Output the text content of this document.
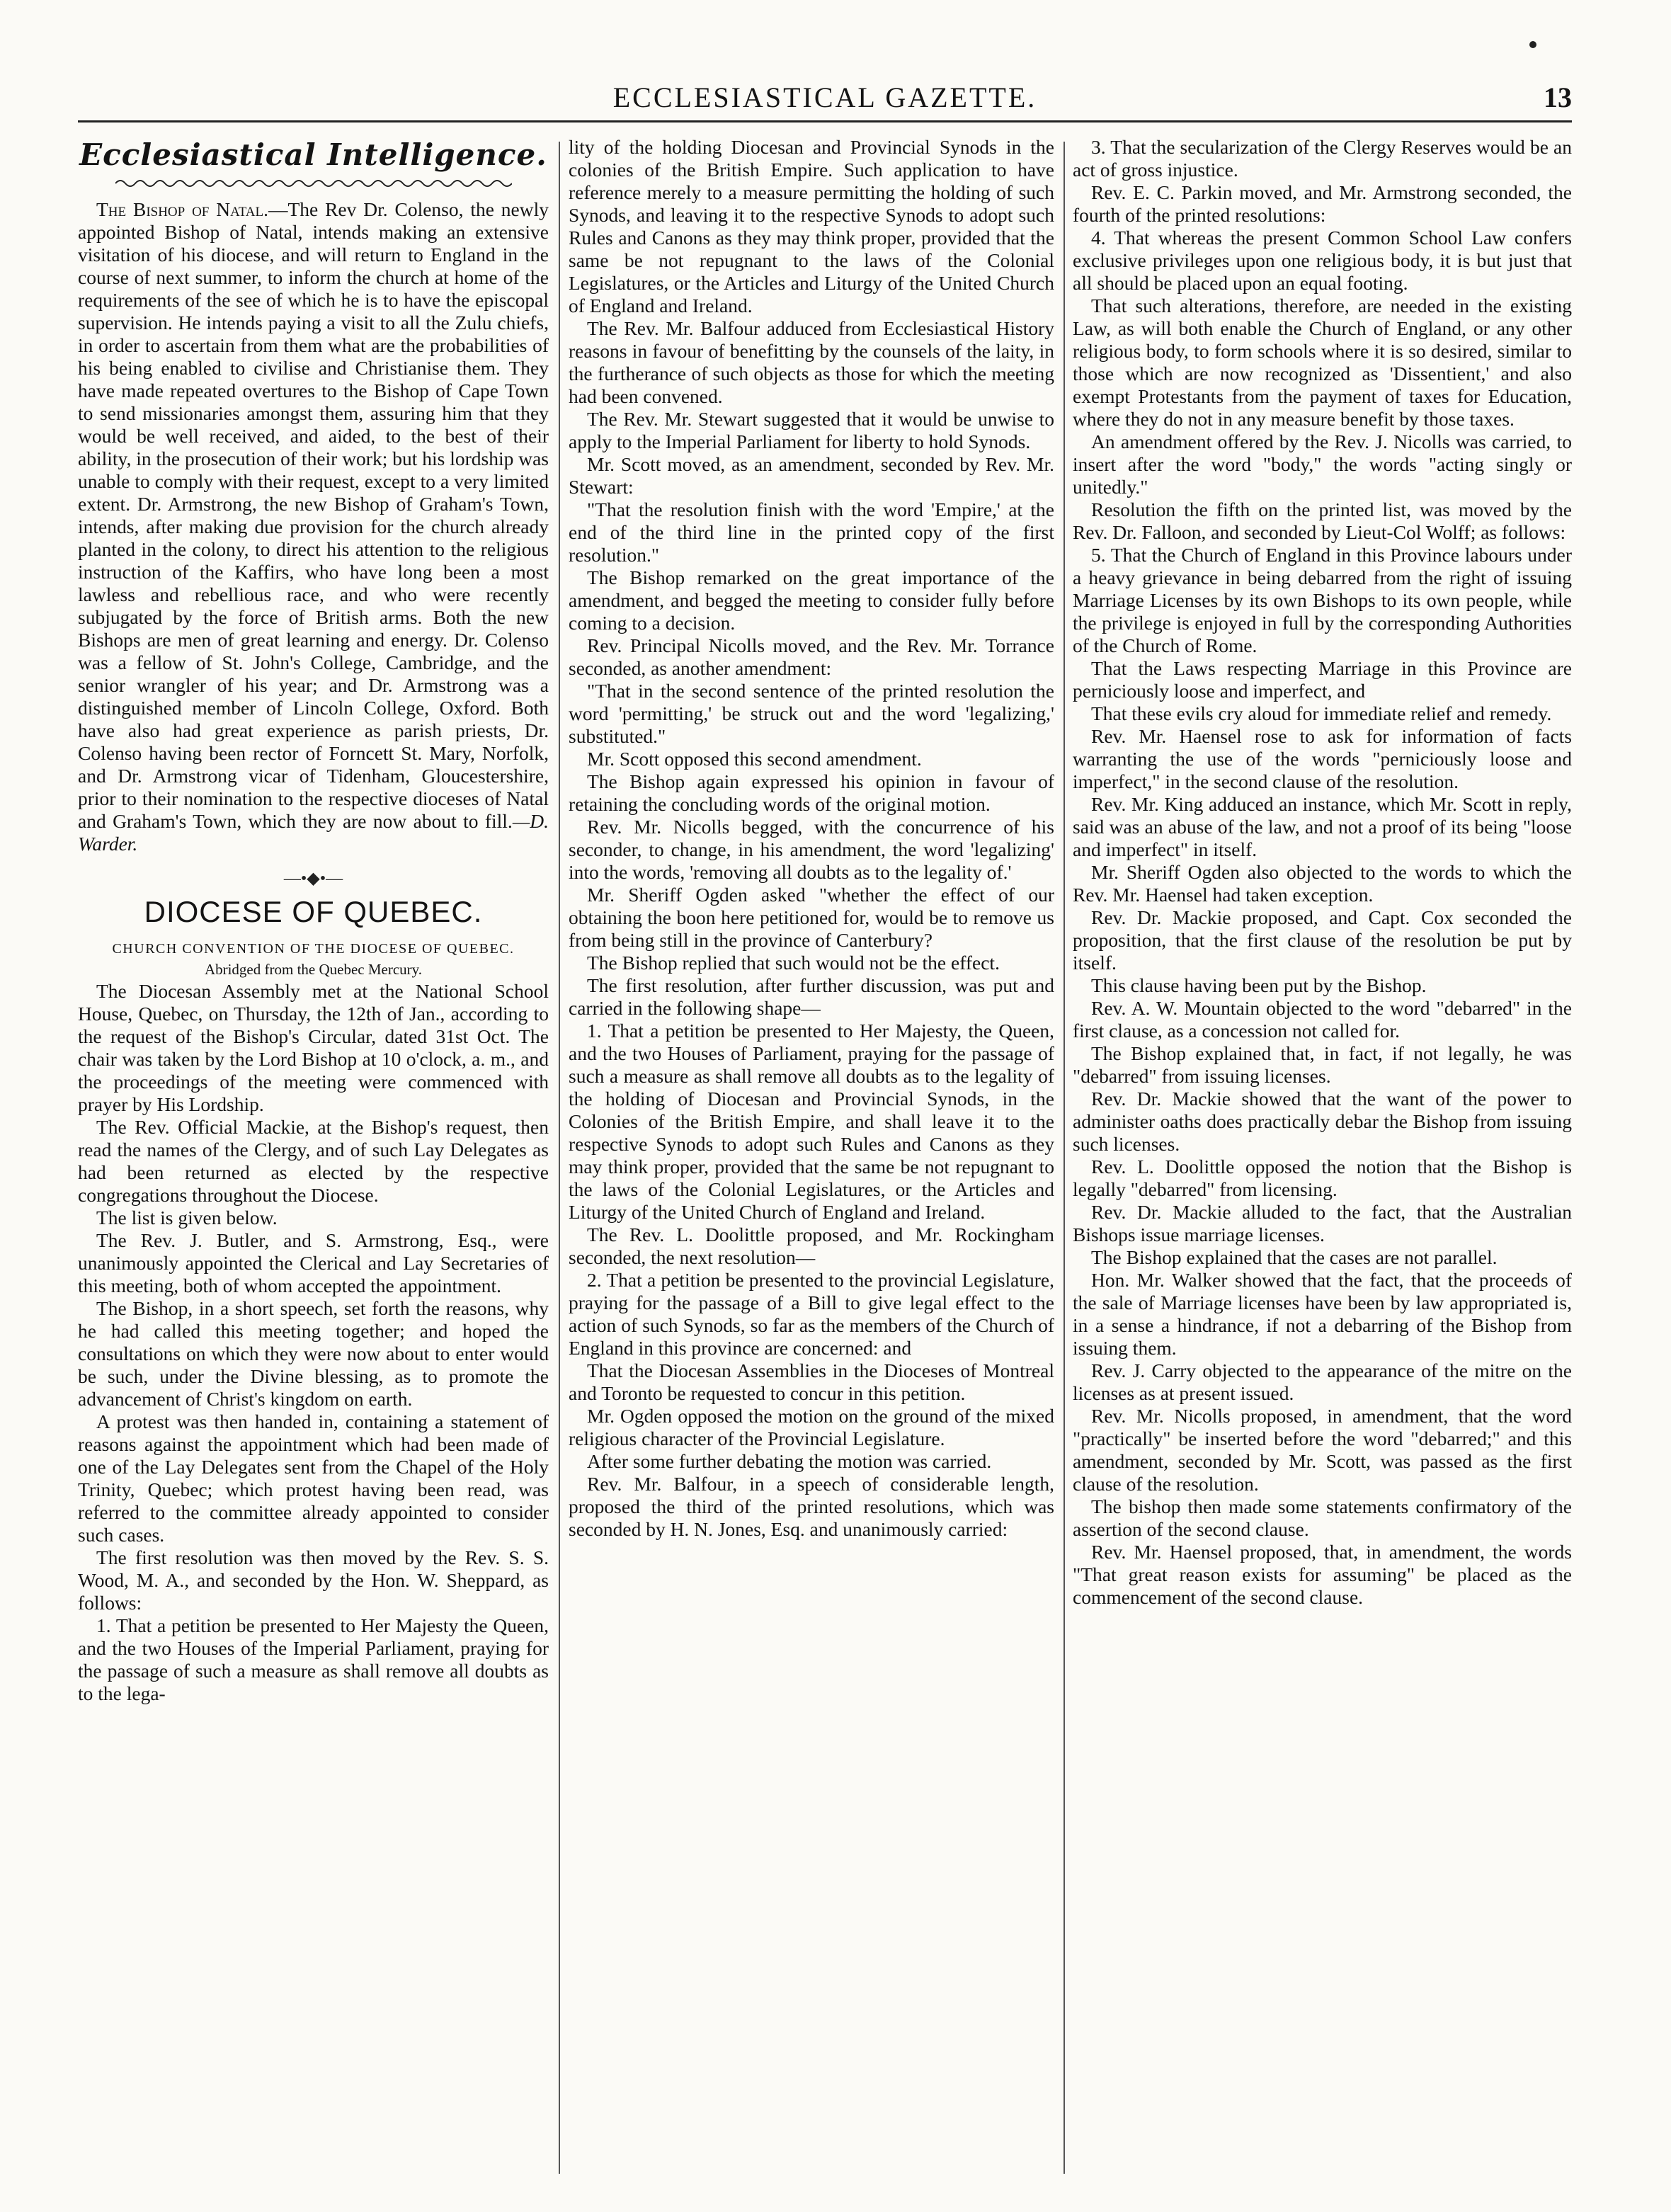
ECCLESIASTICAL GAZETTE.	13
Ecclesiastical Intelligence.

The Bishop of Natal.—The Rev Dr. Colenso, the newly appointed Bishop of Natal, intends making an extensive visitation of his diocese, and will return to England in the course of next summer, to inform the church at home of the requirements of the see of which he is to have the episcopal supervision. He intends paying a visit to all the Zulu chiefs, in order to ascertain from them what are the probabilities of his being enabled to civilise and Christianise them. They have made repeated overtures to the Bishop of Cape Town to send missionaries amongst them, assuring him that they would be well received, and aided, to the best of their ability, in the prosecution of their work; but his lordship was unable to comply with their request, except to a very limited extent. Dr. Armstrong, the new Bishop of Graham's Town, intends, after making due provision for the church already planted in the colony, to direct his attention to the religious instruction of the Kaffirs, who have long been a most lawless and rebellious race, and who were recently subjugated by the force of British arms. Both the new Bishops are men of great learning and energy. Dr. Colenso was a fellow of St. John's College, Cambridge, and the senior wrangler of his year; and Dr. Armstrong was a distinguished member of Lincoln College, Oxford. Both have also had great experience as parish priests, Dr. Colenso having been rector of Forncett St. Mary, Norfolk, and Dr. Armstrong vicar of Tidenham, Gloucestershire, prior to their nomination to the respective dioceses of Natal and Graham's Town, which they are now about to fill.—D. Warder.

—•◆•—
DIOCESE OF QUEBEC.

CHURCH CONVENTION OF THE DIOCESE OF QUEBEC.

Abridged from the Quebec Mercury.

The Diocesan Assembly met at the National School House, Quebec, on Thursday, the 12th of Jan., according to the request of the Bishop's Circular, dated 31st Oct. The chair was taken by the Lord Bishop at 10 o'clock, a. m., and the proceedings of the meeting were commenced with prayer by His Lordship.

The Rev. Official Mackie, at the Bishop's request, then read the names of the Clergy, and of such Lay Delegates as had been returned as elected by the respective congregations throughout the Diocese.

The list is given below.

The Rev. J. Butler, and S. Armstrong, Esq., were unanimously appointed the Clerical and Lay Secretaries of this meeting, both of whom accepted the appointment.

The Bishop, in a short speech, set forth the reasons, why he had called this meeting together; and hoped the consultations on which they were now about to enter would be such, under the Divine blessing, as to promote the advancement of Christ's kingdom on earth.

A protest was then handed in, containing a statement of reasons against the appointment which had been made of one of the Lay Delegates sent from the Chapel of the Holy Trinity, Quebec; which protest having been read, was referred to the committee already appointed to consider such cases.

The first resolution was then moved by the Rev. S. S. Wood, M. A., and seconded by the Hon. W. Sheppard, as follows:

1. That a petition be presented to Her Majesty the Queen, and the two Houses of the Imperial Parliament, praying for the passage of such a measure as shall remove all doubts as to the lega-

lity of the holding Diocesan and Provincial Synods in the colonies of the British Empire. Such application to have reference merely to a measure permitting the holding of such Synods, and leaving it to the respective Synods to adopt such Rules and Canons as they may think proper, provided that the same be not repugnant to the laws of the Colonial Legislatures, or the Articles and Liturgy of the United Church of England and Ireland.

The Rev. Mr. Balfour adduced from Ecclesiastical History reasons in favour of benefitting by the counsels of the laity, in the furtherance of such objects as those for which the meeting had been convened.

The Rev. Mr. Stewart suggested that it would be unwise to apply to the Imperial Parliament for liberty to hold Synods.

Mr. Scott moved, as an amendment, seconded by Rev. Mr. Stewart:

"That the resolution finish with the word 'Empire,' at the end of the third line in the printed copy of the first resolution."

The Bishop remarked on the great importance of the amendment, and begged the meeting to consider fully before coming to a decision.

Rev. Principal Nicolls moved, and the Rev. Mr. Torrance seconded, as another amendment:

"That in the second sentence of the printed resolution the word 'permitting,' be struck out and the word 'legalizing,' substituted."

Mr. Scott opposed this second amendment.

The Bishop again expressed his opinion in favour of retaining the concluding words of the original motion.

Rev. Mr. Nicolls begged, with the concurrence of his seconder, to change, in his amendment, the word 'legalizing' into the words, 'removing all doubts as to the legality of.'

Mr. Sheriff Ogden asked "whether the effect of our obtaining the boon here petitioned for, would be to remove us from being still in the province of Canterbury?

The Bishop replied that such would not be the effect.

The first resolution, after further discussion, was put and carried in the following shape—

1. That a petition be presented to Her Majesty, the Queen, and the two Houses of Parliament, praying for the passage of such a measure as shall remove all doubts as to the legality of the holding of Diocesan and Provincial Synods, in the Colonies of the British Empire, and shall leave it to the respective Synods to adopt such Rules and Canons as they may think proper, provided that the same be not repugnant to the laws of the Colonial Legislatures, or the Articles and Liturgy of the United Church of England and Ireland.

The Rev. L. Doolittle proposed, and Mr. Rockingham seconded, the next resolution—

2. That a petition be presented to the provincial Legislature, praying for the passage of a Bill to give legal effect to the action of such Synods, so far as the members of the Church of England in this province are concerned: and

That the Diocesan Assemblies in the Dioceses of Montreal and Toronto be requested to concur in this petition.

Mr. Ogden opposed the motion on the ground of the mixed religious character of the Provincial Legislature.

After some further debating the motion was carried.

Rev. Mr. Balfour, in a speech of considerable length, proposed the third of the printed resolutions, which was seconded by H. N. Jones, Esq. and unanimously carried:

3. That the secularization of the Clergy Reserves would be an act of gross injustice.

Rev. E. C. Parkin moved, and Mr. Armstrong seconded, the fourth of the printed resolutions:

4. That whereas the present Common School Law confers exclusive privileges upon one religious body, it is but just that all should be placed upon an equal footing.

That such alterations, therefore, are needed in the existing Law, as will both enable the Church of England, or any other religious body, to form schools where it is so desired, similar to those which are now recognized as 'Dissentient,' and also exempt Protestants from the payment of taxes for Education, where they do not in any measure benefit by those taxes.

An amendment offered by the Rev. J. Nicolls was carried, to insert after the word "body," the words "acting singly or unitedly."

Resolution the fifth on the printed list, was moved by the Rev. Dr. Falloon, and seconded by Lieut-Col Wolff; as follows:

5. That the Church of England in this Province labours under a heavy grievance in being debarred from the right of issuing Marriage Licenses by its own Bishops to its own people, while the privilege is enjoyed in full by the corresponding Authorities of the Church of Rome.

That the Laws respecting Marriage in this Province are perniciously loose and imperfect, and

That these evils cry aloud for immediate relief and remedy.

Rev. Mr. Haensel rose to ask for information of facts warranting the use of the words "perniciously loose and imperfect," in the second clause of the resolution.

Rev. Mr. King adduced an instance, which Mr. Scott in reply, said was an abuse of the law, and not a proof of its being "loose and imperfect" in itself.

Mr. Sheriff Ogden also objected to the words to which the Rev. Mr. Haensel had taken exception.

Rev. Dr. Mackie proposed, and Capt. Cox seconded the proposition, that the first clause of the resolution be put by itself.

This clause having been put by the Bishop.

Rev. A. W. Mountain objected to the word "debarred" in the first clause, as a concession not called for.

The Bishop explained that, in fact, if not legally, he was "debarred" from issuing licenses.

Rev. Dr. Mackie showed that the want of the power to administer oaths does practically debar the Bishop from issuing such licenses.

Rev. L. Doolittle opposed the notion that the Bishop is legally "debarred" from licensing.

Rev. Dr. Mackie alluded to the fact, that the Australian Bishops issue marriage licenses.

The Bishop explained that the cases are not parallel.

Hon. Mr. Walker showed that the fact, that the proceeds of the sale of Marriage licenses have been by law appropriated is, in a sense a hindrance, if not a debarring of the Bishop from issuing them.

Rev. J. Carry objected to the appearance of the mitre on the licenses as at present issued.

Rev. Mr. Nicolls proposed, in amendment, that the word "practically" be inserted before the word "debarred;" and this amendment, seconded by Mr. Scott, was passed as the first clause of the resolution.

The bishop then made some statements confirmatory of the assertion of the second clause.

Rev. Mr. Haensel proposed, that, in amendment, the words "That great reason exists for assuming" be placed as the commencement of the second clause.
